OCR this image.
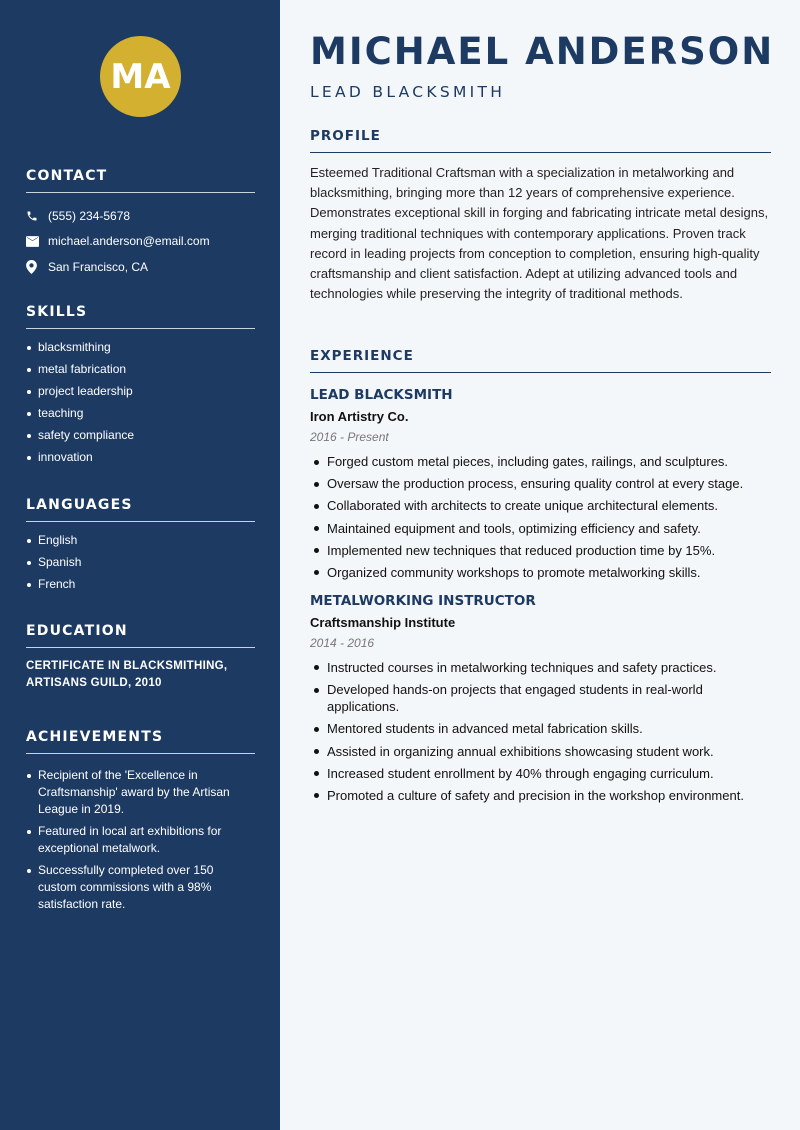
MA
CONTACT
(555) 234-5678
michael.anderson@email.com
San Francisco, CA
SKILLS
blacksmithing
metal fabrication
project leadership
teaching
safety compliance
innovation
LANGUAGES
English
Spanish
French
EDUCATION
CERTIFICATE IN BLACKSMITHING, ARTISANS GUILD, 2010
ACHIEVEMENTS
Recipient of the 'Excellence in Craftsmanship' award by the Artisan League in 2019.
Featured in local art exhibitions for exceptional metalwork.
Successfully completed over 150 custom commissions with a 98% satisfaction rate.
MICHAEL ANDERSON
LEAD BLACKSMITH
PROFILE

Esteemed Traditional Craftsman with a specialization in metalworking and blacksmithing, bringing more than 12 years of comprehensive experience. Demonstrates exceptional skill in forging and fabricating intricate metal designs, merging traditional techniques with contemporary applications. Proven track record in leading projects from conception to completion, ensuring high-quality craftsmanship and client satisfaction. Adept at utilizing advanced tools and technologies while preserving the integrity of traditional methods.

EXPERIENCE
LEAD BLACKSMITH
Iron Artistry Co.
2016 - Present
Forged custom metal pieces, including gates, railings, and sculptures.
Oversaw the production process, ensuring quality control at every stage.
Collaborated with architects to create unique architectural elements.
Maintained equipment and tools, optimizing efficiency and safety.
Implemented new techniques that reduced production time by 15%.
Organized community workshops to promote metalworking skills.
METALWORKING INSTRUCTOR
Craftsmanship Institute
2014 - 2016
Instructed courses in metalworking techniques and safety practices.
Developed hands-on projects that engaged students in real-world applications.
Mentored students in advanced metal fabrication skills.
Assisted in organizing annual exhibitions showcasing student work.
Increased student enrollment by 40% through engaging curriculum.
Promoted a culture of safety and precision in the workshop environment.
